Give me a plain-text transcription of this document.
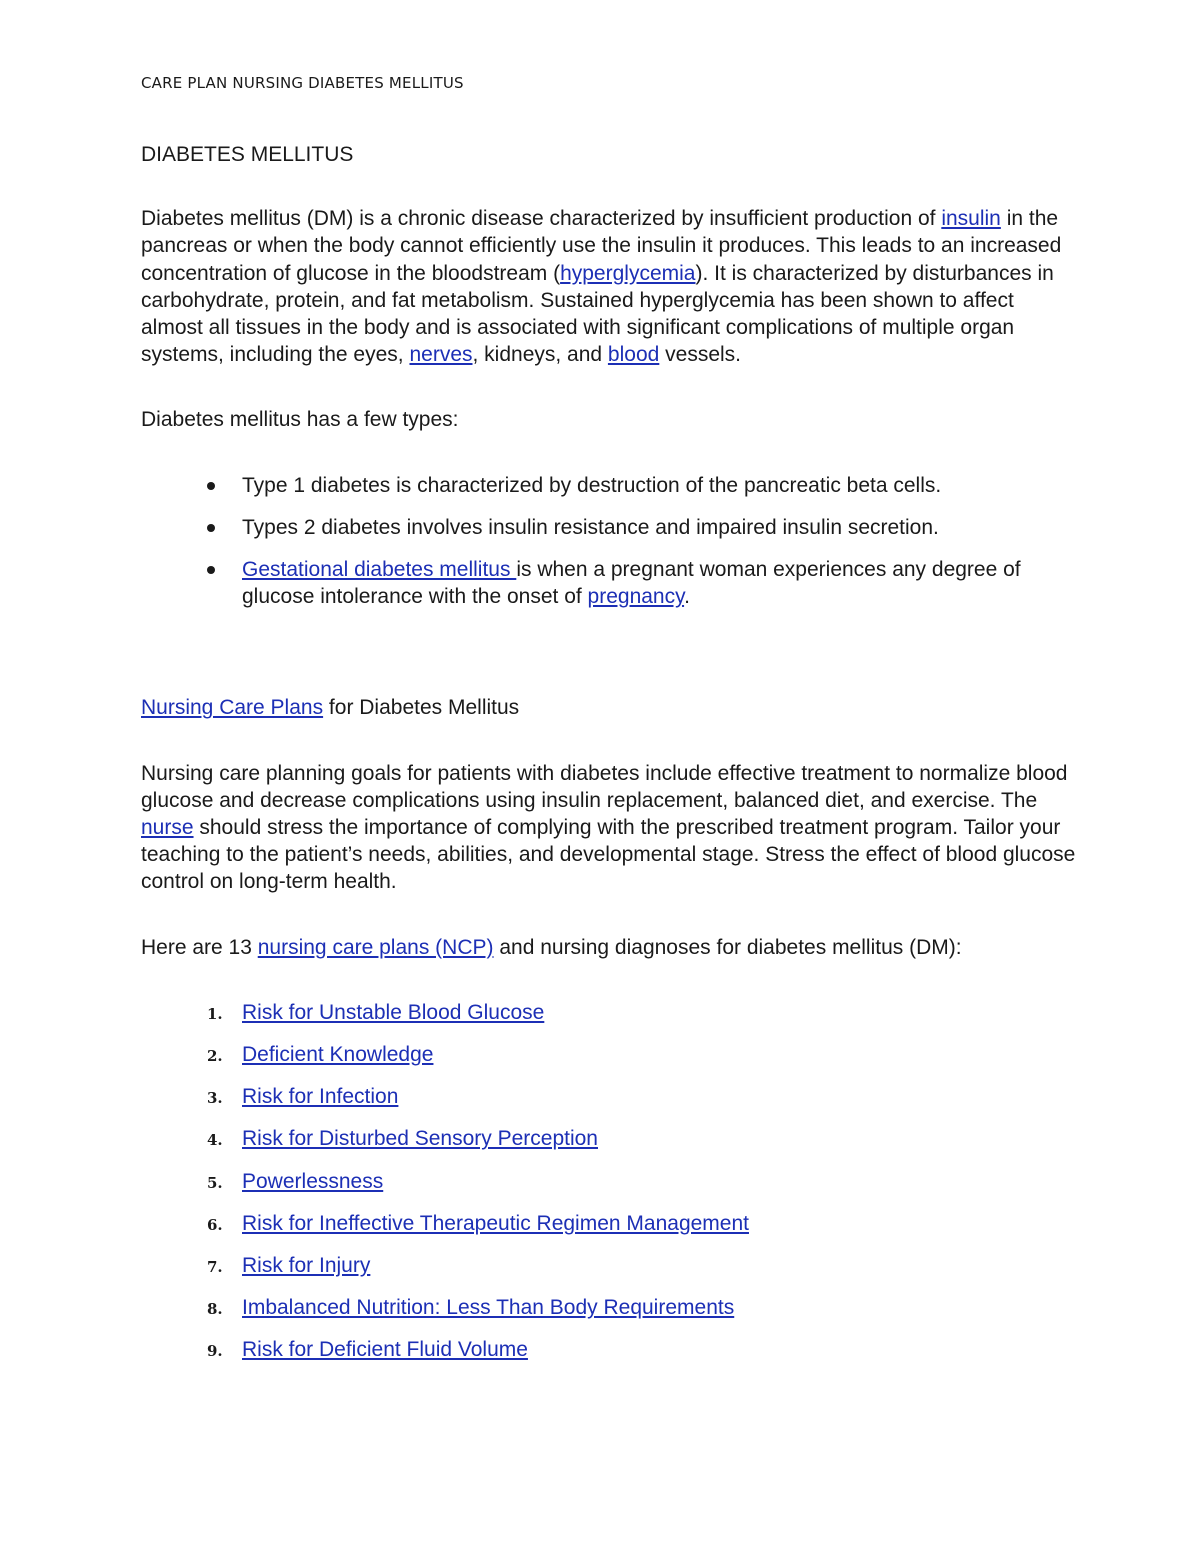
CARE PLAN NURSING DIABETES MELLITUS

DIABETES MELLITUS

Diabetes mellitus (DM) is a chronic disease characterized by insufficient production of insulin in the pancreas or when the body cannot efficiently use the insulin it produces. This leads to an increased concentration of glucose in the bloodstream (hyperglycemia). It is characterized by disturbances in carbohydrate, protein, and fat metabolism. Sustained hyperglycemia has been shown to affect almost all tissues in the body and is associated with significant complications of multiple organ systems, including the eyes, nerves, kidneys, and blood vessels.

Diabetes mellitus has a few types:

Type 1 diabetes is characterized by destruction of the pancreatic beta cells.
Types 2 diabetes involves insulin resistance and impaired insulin secretion.
Gestational diabetes mellitus is when a pregnant woman experiences any degree of glucose intolerance with the onset of pregnancy.

Nursing Care Plans for Diabetes Mellitus

Nursing care planning goals for patients with diabetes include effective treatment to normalize blood glucose and decrease complications using insulin replacement, balanced diet, and exercise. The nurse should stress the importance of complying with the prescribed treatment program. Tailor your teaching to the patient’s needs, abilities, and developmental stage. Stress the effect of blood glucose control on long-term health.

Here are 13 nursing care plans (NCP) and nursing diagnoses for diabetes mellitus (DM):

1. Risk for Unstable Blood Glucose
2. Deficient Knowledge
3. Risk for Infection
4. Risk for Disturbed Sensory Perception
5. Powerlessness
6. Risk for Ineffective Therapeutic Regimen Management
7. Risk for Injury
8. Imbalanced Nutrition: Less Than Body Requirements
9. Risk for Deficient Fluid Volume
